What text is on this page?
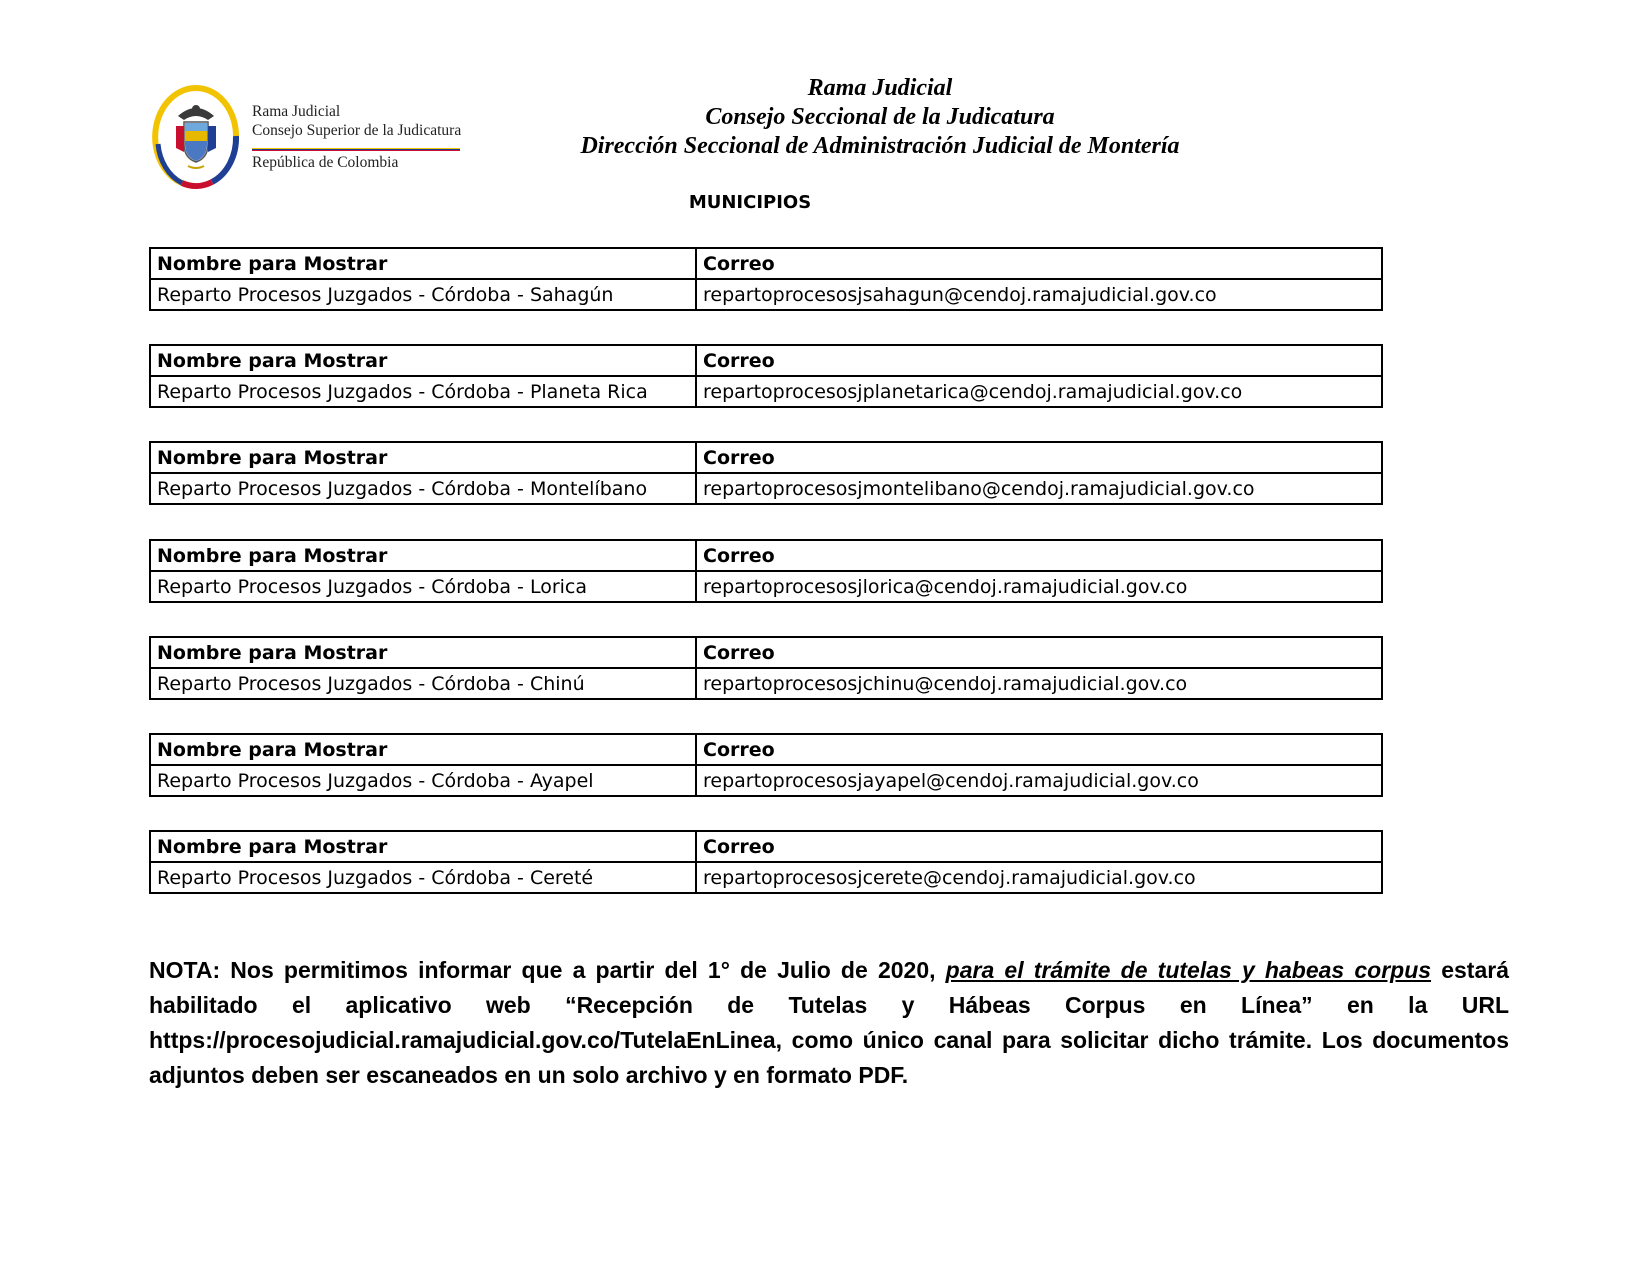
Rama Judicial
Consejo Superior de la Judicatura
República de Colombia
Rama Judicial
Consejo Seccional de la Judicatura
Dirección Seccional de Administración Judicial de Montería
MUNICIPIOS
Nombre para Mostrar	Correo
Reparto Procesos Juzgados - Córdoba - Sahagún	repartoprocesosjsahagun@cendoj.ramajudicial.gov.co
Nombre para Mostrar	Correo
Reparto Procesos Juzgados - Córdoba - Planeta Rica	repartoprocesosjplanetarica@cendoj.ramajudicial.gov.co
Nombre para Mostrar	Correo
Reparto Procesos Juzgados - Córdoba - Montelíbano	repartoprocesosjmontelibano@cendoj.ramajudicial.gov.co
Nombre para Mostrar	Correo
Reparto Procesos Juzgados - Córdoba - Lorica	repartoprocesosjlorica@cendoj.ramajudicial.gov.co
Nombre para Mostrar	Correo
Reparto Procesos Juzgados - Córdoba - Chinú	repartoprocesosjchinu@cendoj.ramajudicial.gov.co
Nombre para Mostrar	Correo
Reparto Procesos Juzgados - Córdoba - Ayapel	repartoprocesosjayapel@cendoj.ramajudicial.gov.co
Nombre para Mostrar	Correo
Reparto Procesos Juzgados - Córdoba - Cereté	repartoprocesosjcerete@cendoj.ramajudicial.gov.co

NOTA: Nos permitimos informar que a partir del 1° de Julio de 2020, para el trámite de tutelas y habeas corpus estará habilitado el aplicativo web “Recepción de Tutelas y Hábeas Corpus en Línea” en la URL https://procesojudicial.ramajudicial.gov.co/TutelaEnLinea, como único canal para solicitar dicho trámite. Los documentos adjuntos deben ser escaneados en un solo archivo y en formato PDF.
